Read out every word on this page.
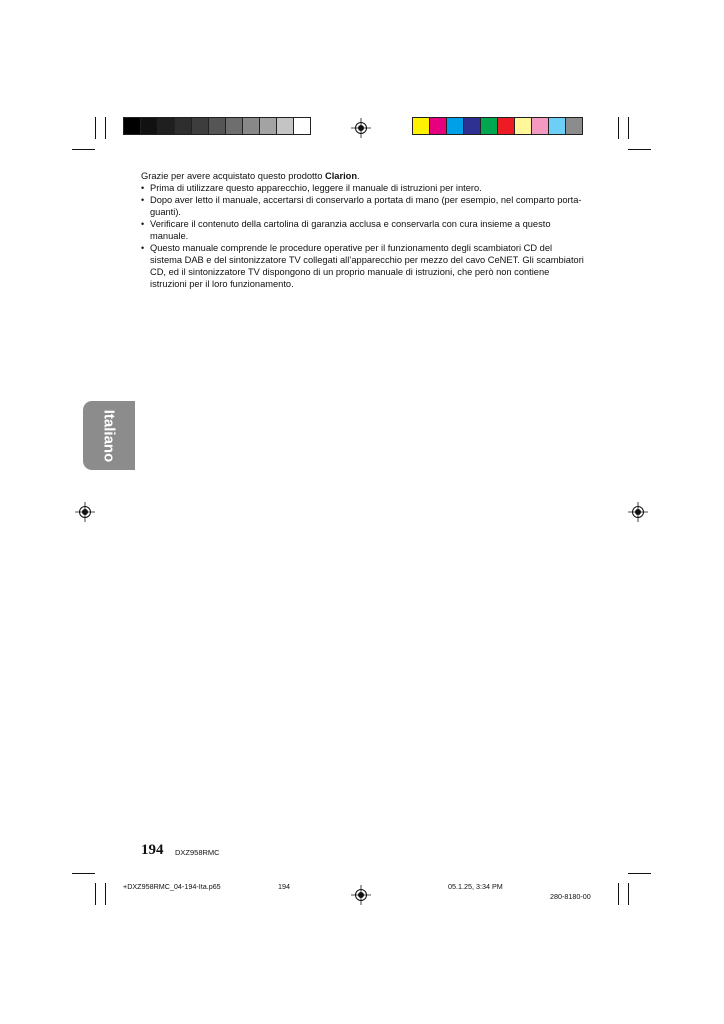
Grazie per avere acquistato questo prodotto Clarion.

• Prima di utilizzare questo apparecchio, leggere il manuale di istruzioni per intero.
• Dopo aver letto il manuale, accertarsi di conservarlo a portata di mano (per esempio, nel comparto porta-guanti).
• Verificare il contenuto della cartolina di garanzia acclusa e conservarla con cura insieme a questo manuale.
• Questo manuale comprende le procedure operative per il funzionamento degli scambiatori CD del sistema DAB e del sintonizzatore TV collegati all’apparecchio per mezzo del cavo CeNET. Gli scambiatori CD, ed il sintonizzatore TV dispongono di un proprio manuale di istruzioni, che però non contiene istruzioni per il loro funzionamento.
Italiano
194 DXZ958RMC
+DXZ958RMC_04-194-Ita.p65	194	05.1.25, 3:34 PM
280-8180-00
